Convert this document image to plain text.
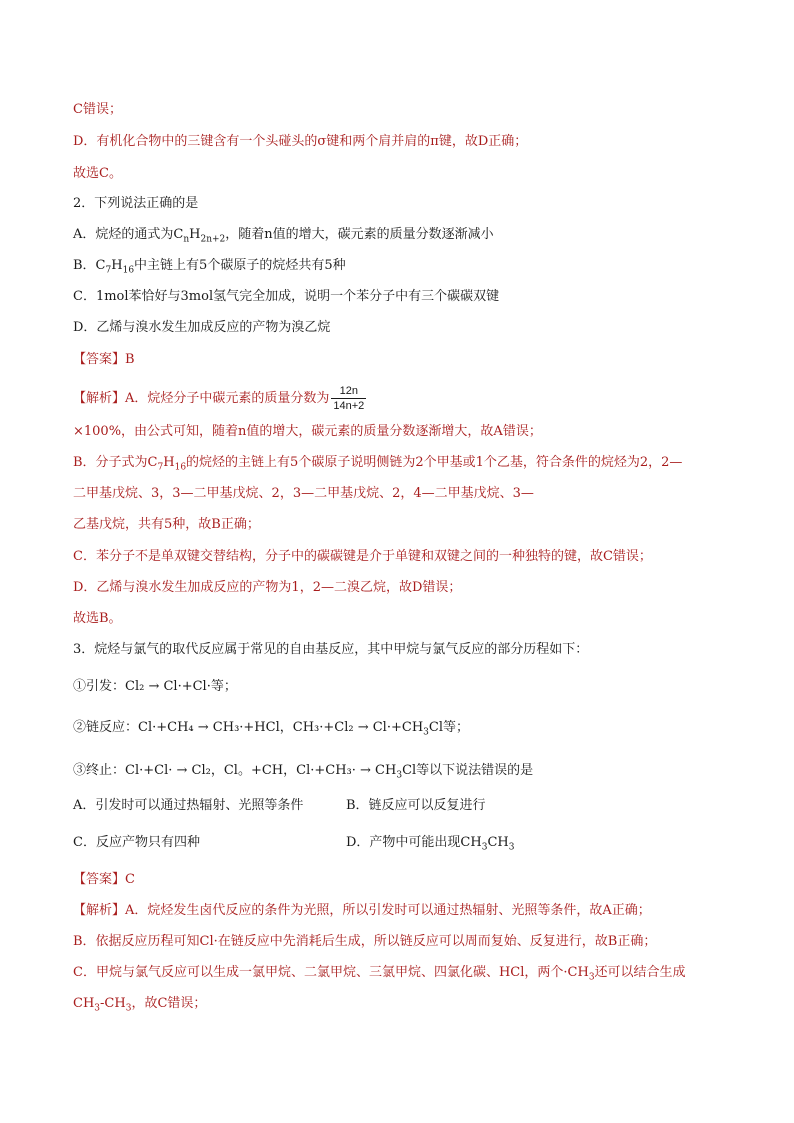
C错误；
D．有机化合物中的三键含有一个头碰头的σ键和两个肩并肩的π键，故D正确；
故选C。
2．下列说法正确的是
A．烷烃的通式为$C_nH_{2n+2}$，随着n值的增大，碳元素的质量分数逐渐减小
B．$C_7H_{16}$中主链上有5个碳原子的烷烃共有5种
C．1mol苯恰好与3mol氢气完全加成，说明一个苯分子中有三个碳碳双键
D．乙烯与溴水发生加成反应的产物为溴乙烷
【答案】B
【解析】A．烷烃分子中碳元素的质量分数为 $\frac{12n}{14n+2}$
×100%，由公式可知，随着n值的增大，碳元素的质量分数逐渐增大，故A错误；
B．分子式为$C_7H_{16}$的烷烃的主链上有5个碳原子说明侧链为2个甲基或1个乙基，符合条件的烷烃为2，2—
二甲基戊烷、3，3—二甲基戊烷、2，3—二甲基戊烷、2，4—二甲基戊烷、3—
乙基戊烷，共有5种，故B正确；
C．苯分子不是单双键交替结构，分子中的碳碳键是介于单键和双键之间的一种独特的键，故C错误；
D．乙烯与溴水发生加成反应的产物为1，2—二溴乙烷，故D错误；
故选B。
3．烷烃与氯气的取代反应属于常见的自由基反应，其中甲烷与氯气反应的部分历程如下：
①引发：Cl₂ → Cl·+Cl·等；
②链反应：Cl·+CH₄ → CH₃·+HCl，$CH_3\cdot+Cl_2 \to Cl\cdot+CH_3Cl$等；
③终止：Cl·+Cl· → Cl₂，Cl。+CH，$Cl\cdot+CH_3\cdot \to CH_3Cl$等以下说法错误的是
A．引发时可以通过热辐射、光照等条件	B．链反应可以反复进行
C．反应产物只有四种	D．产物中可能出现$CH_3CH_3$
【答案】C
【解析】A．烷烃发生卤代反应的条件为光照，所以引发时可以通过热辐射、光照等条件，故A正确；
B．依据反应历程可知Cl·在链反应中先消耗后生成，所以链反应可以周而复始、反复进行，故B正确；
C．甲烷与氯气反应可以生成一氯甲烷、二氯甲烷、三氯甲烷、四氯化碳、HCl，两个$\cdot CH_3$还可以结合生成
$CH_3-CH_3$，故C错误；
